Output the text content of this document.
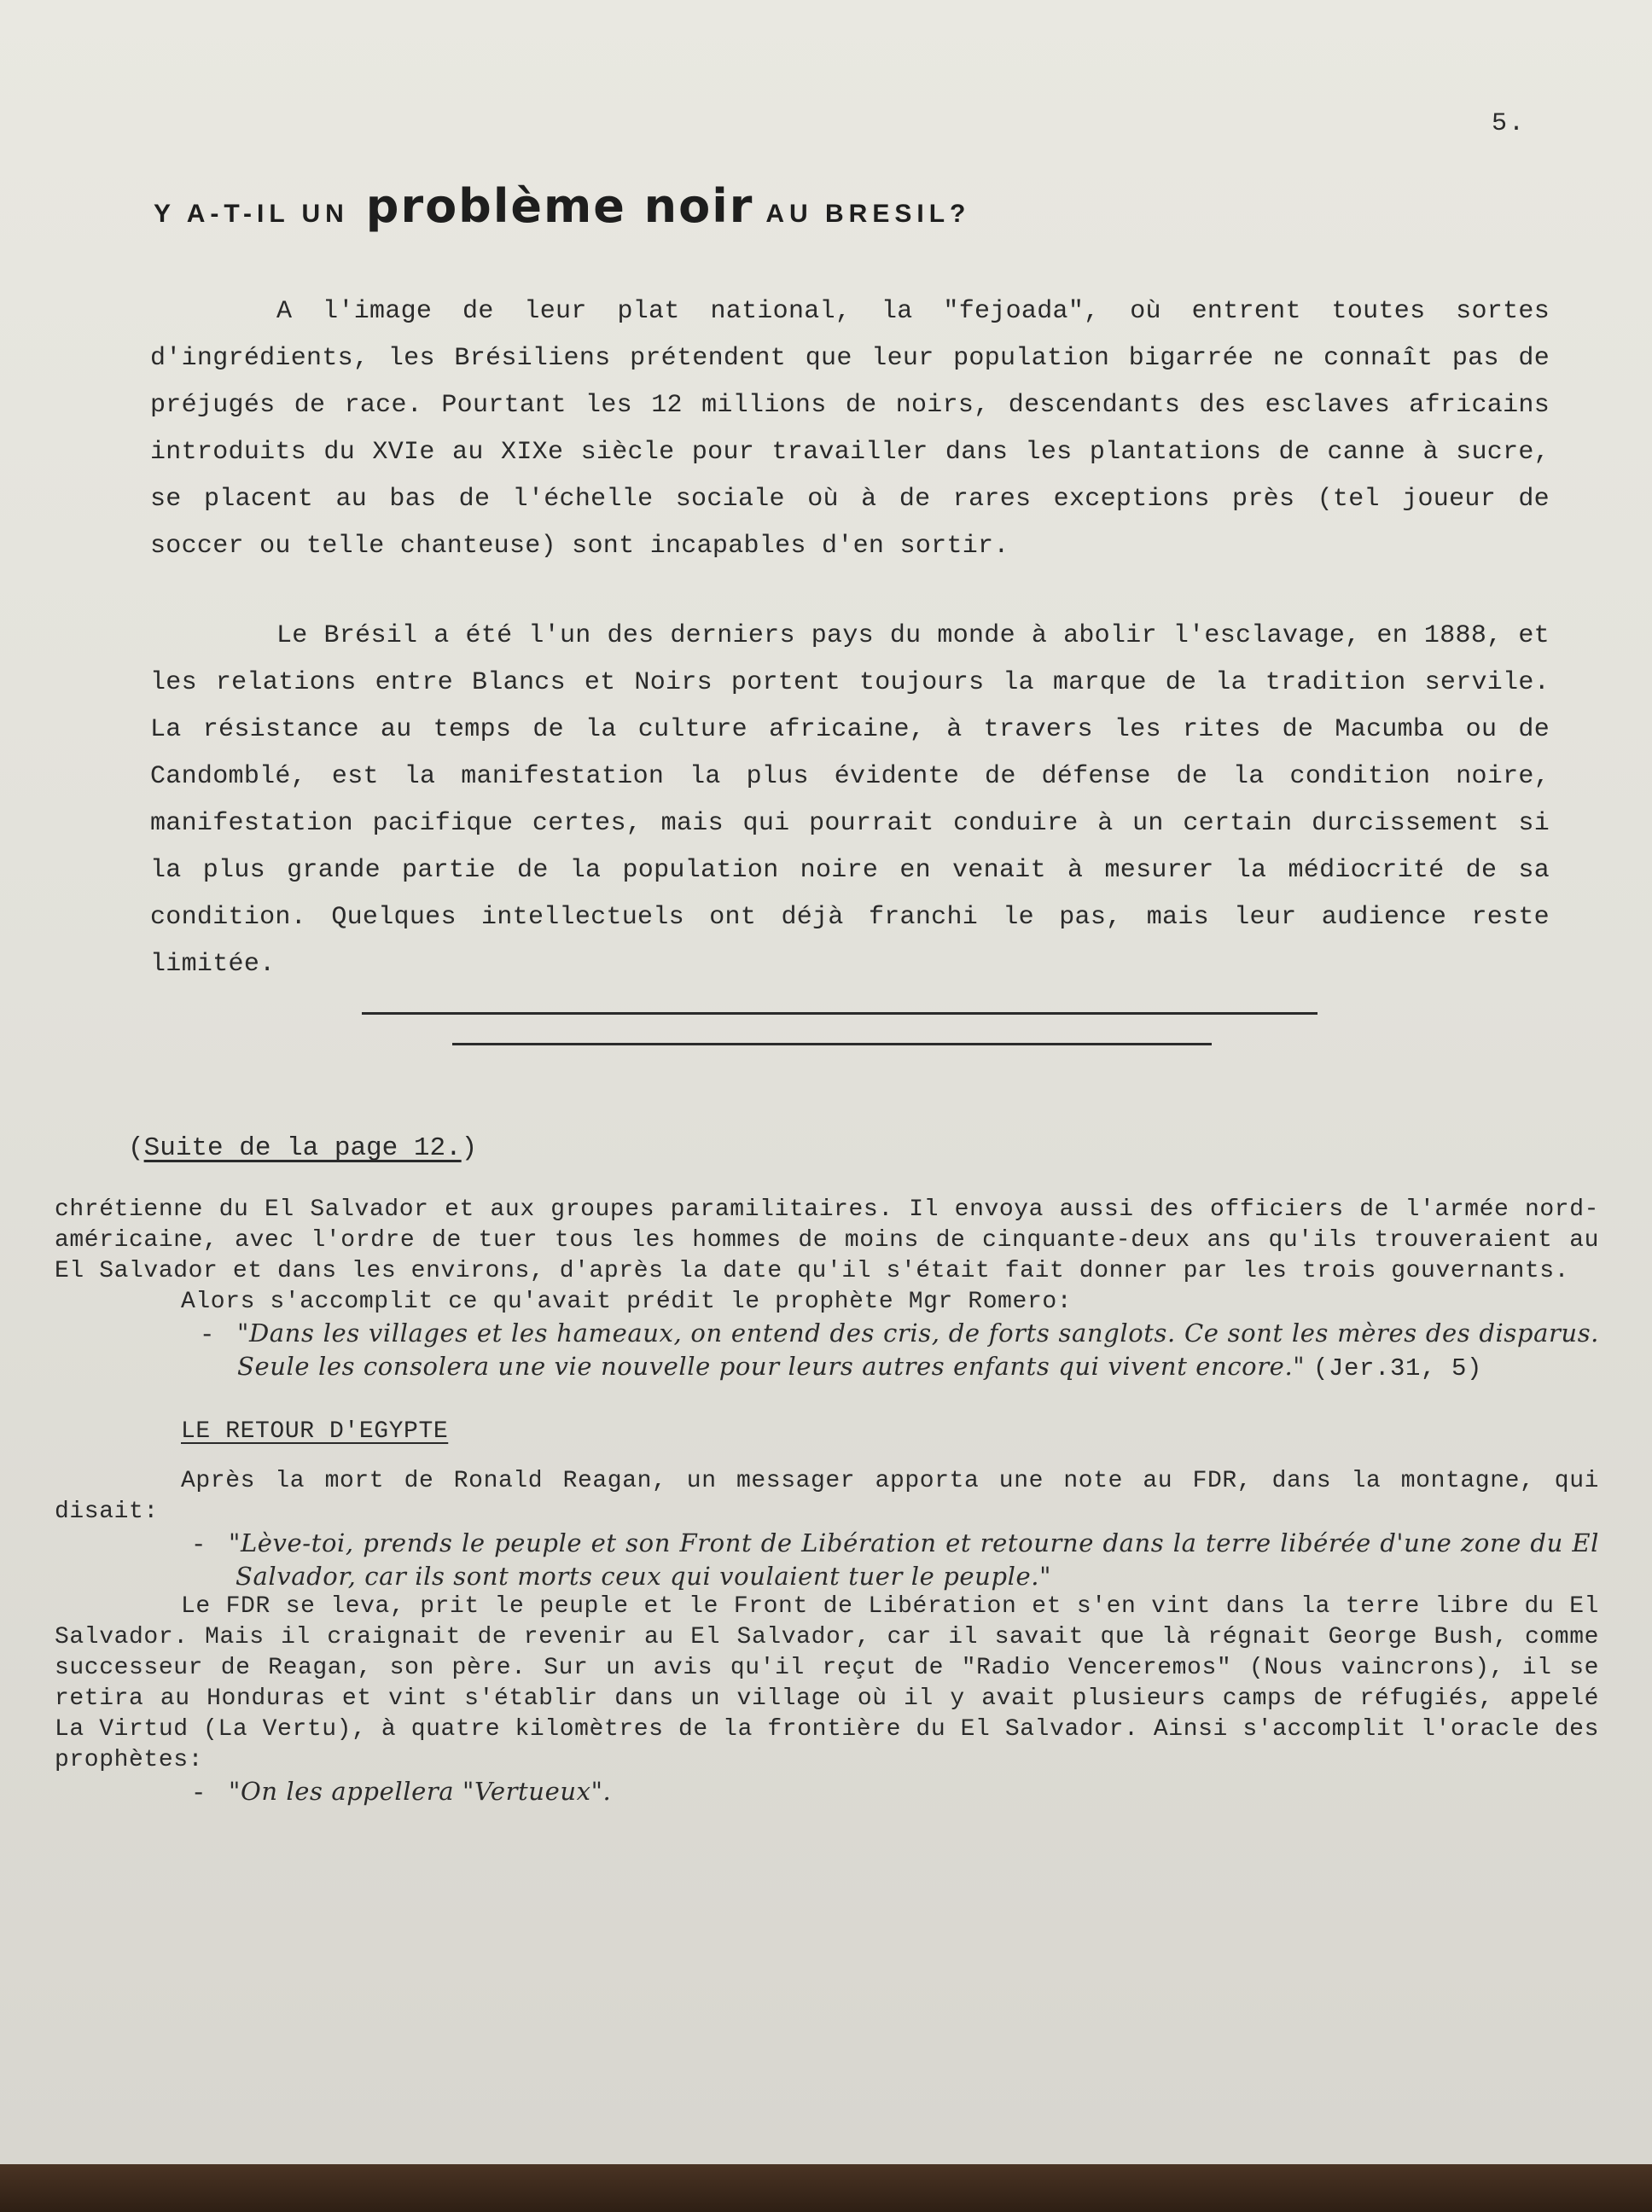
5.
Y A-T-IL UN problème noir AU BRESIL?

A l'image de leur plat national, la "fejoada", où entrent toutes sortes d'ingrédients, les Brésiliens prétendent que leur population bigarrée ne connaît pas de préjugés de race. Pourtant les 12 millions de noirs, descendants des esclaves africains introduits du XVIe au XIXe siècle pour travailler dans les plantations de canne à sucre, se placent au bas de l'échelle sociale où à de rares exceptions près (tel joueur de soccer ou telle chanteuse) sont incapables d'en sortir.

Le Brésil a été l'un des derniers pays du monde à abolir l'esclavage, en 1888, et les relations entre Blancs et Noirs portent toujours la marque de la tradition servile. La résistance au temps de la culture africaine, à travers les rites de Macumba ou de Candomblé, est la manifestation la plus évidente de défense de la condition noire, manifestation pacifique certes, mais qui pourrait conduire à un certain durcissement si la plus grande partie de la population noire en venait à mesurer la médiocrité de sa condition. Quelques intellectuels ont déjà franchi le pas, mais leur audience reste limitée.

(Suite de la page 12.)

chrétienne du El Salvador et aux groupes paramilitaires. Il envoya aussi des officiers de l'armée nord-américaine, avec l'ordre de tuer tous les hommes de moins de cinquante-deux ans qu'ils trouveraient au El Salvador et dans les environs, d'après la date qu'il s'était fait donner par les trois gouvernants.

Alors s'accomplit ce qu'avait prédit le prophète Mgr Romero:

- "Dans les villages et les hameaux, on entend des cris, de forts sanglots. Ce sont les mères des disparus. Seule les consolera une vie nouvelle pour leurs autres enfants qui vivent encore." (Jer.31, 5)

LE RETOUR D'EGYPTE

Après la mort de Ronald Reagan, un messager apporta une note au FDR, dans la montagne, qui disait:

- "Lève-toi, prends le peuple et son Front de Libération et retourne dans la terre libérée d'une zone du El Salvador, car ils sont morts ceux qui voulaient tuer le peuple."

Le FDR se leva, prit le peuple et le Front de Libération et s'en vint dans la terre libre du El Salvador. Mais il craignait de revenir au El Salvador, car il savait que là régnait George Bush, comme successeur de Reagan, son père. Sur un avis qu'il reçut de "Radio Venceremos" (Nous vaincrons), il se retira au Honduras et vint s'établir dans un village où il y avait plusieurs camps de réfugiés, appelé La Virtud (La Vertu), à quatre kilomètres de la frontière du El Salvador. Ainsi s'accomplit l'oracle des prophètes:

- "On les appellera "Vertueux".
